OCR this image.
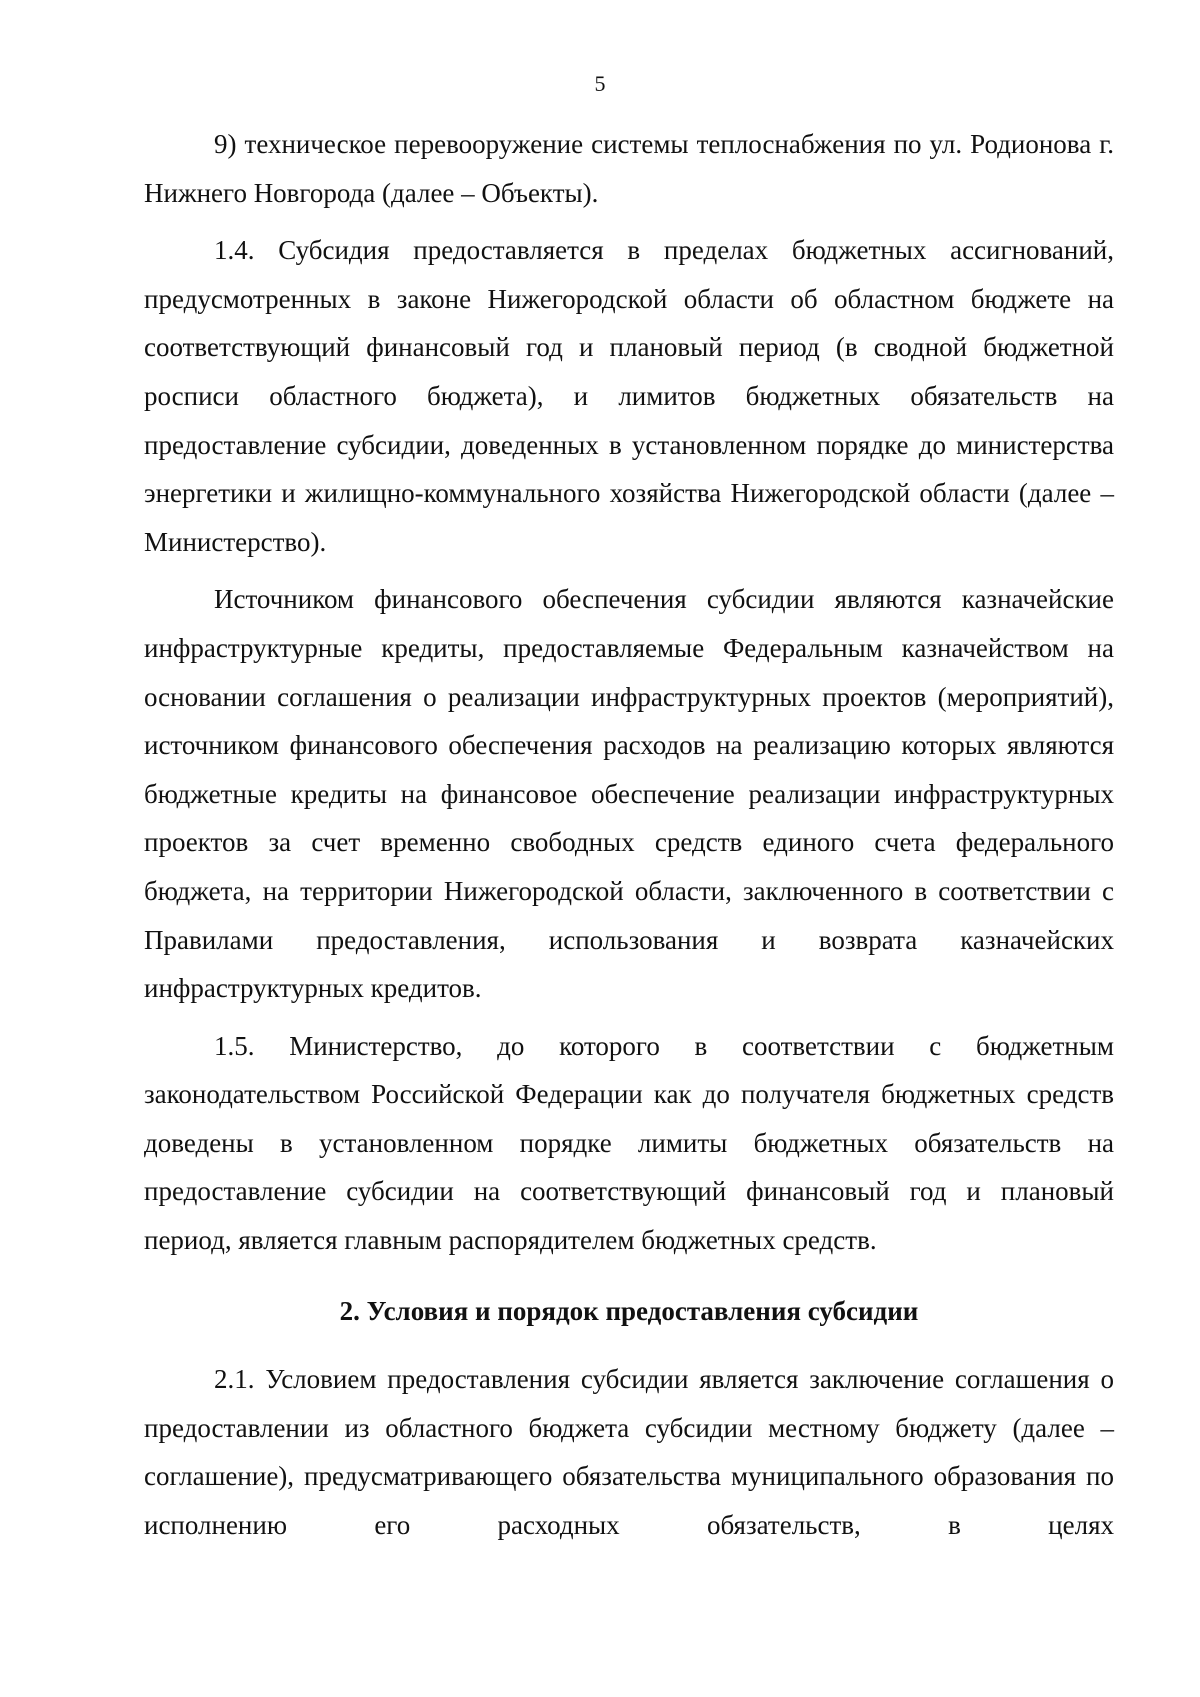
5

9) техническое перевооружение системы теплоснабжения по ул. Родионова г. Нижнего Новгорода (далее – Объекты).

1.4. Субсидия предоставляется в пределах бюджетных ассигнований, предусмотренных в законе Нижегородской области об областном бюджете на соответствующий финансовый год и плановый период (в сводной бюджетной росписи областного бюджета), и лимитов бюджетных обязательств на предоставление субсидии, доведенных в установленном порядке до министерства энергетики и жилищно-коммунального хозяйства Нижегородской области (далее – Министерство).

Источником финансового обеспечения субсидии являются казначейские инфраструктурные кредиты, предоставляемые Федеральным казначейством на основании соглашения о реализации инфраструктурных проектов (мероприятий), источником финансового обеспечения расходов на реализацию которых являются бюджетные кредиты на финансовое обеспечение реализации инфраструктурных проектов за счет временно свободных средств единого счета федерального бюджета, на территории Нижегородской области, заключенного в соответствии с Правилами предоставления, использования и возврата казначейских инфраструктурных кредитов.

1.5. Министерство, до которого в соответствии с бюджетным законодательством Российской Федерации как до получателя бюджетных средств доведены в установленном порядке лимиты бюджетных обязательств на предоставление субсидии на соответствующий финансовый год и плановый период, является главным распорядителем бюджетных средств.

2. Условия и порядок предоставления субсидии

2.1. Условием предоставления субсидии является заключение соглашения о предоставлении из областного бюджета субсидии местному бюджету (далее – соглашение), предусматривающего обязательства муниципального образования по исполнению его расходных обязательств, в целях
